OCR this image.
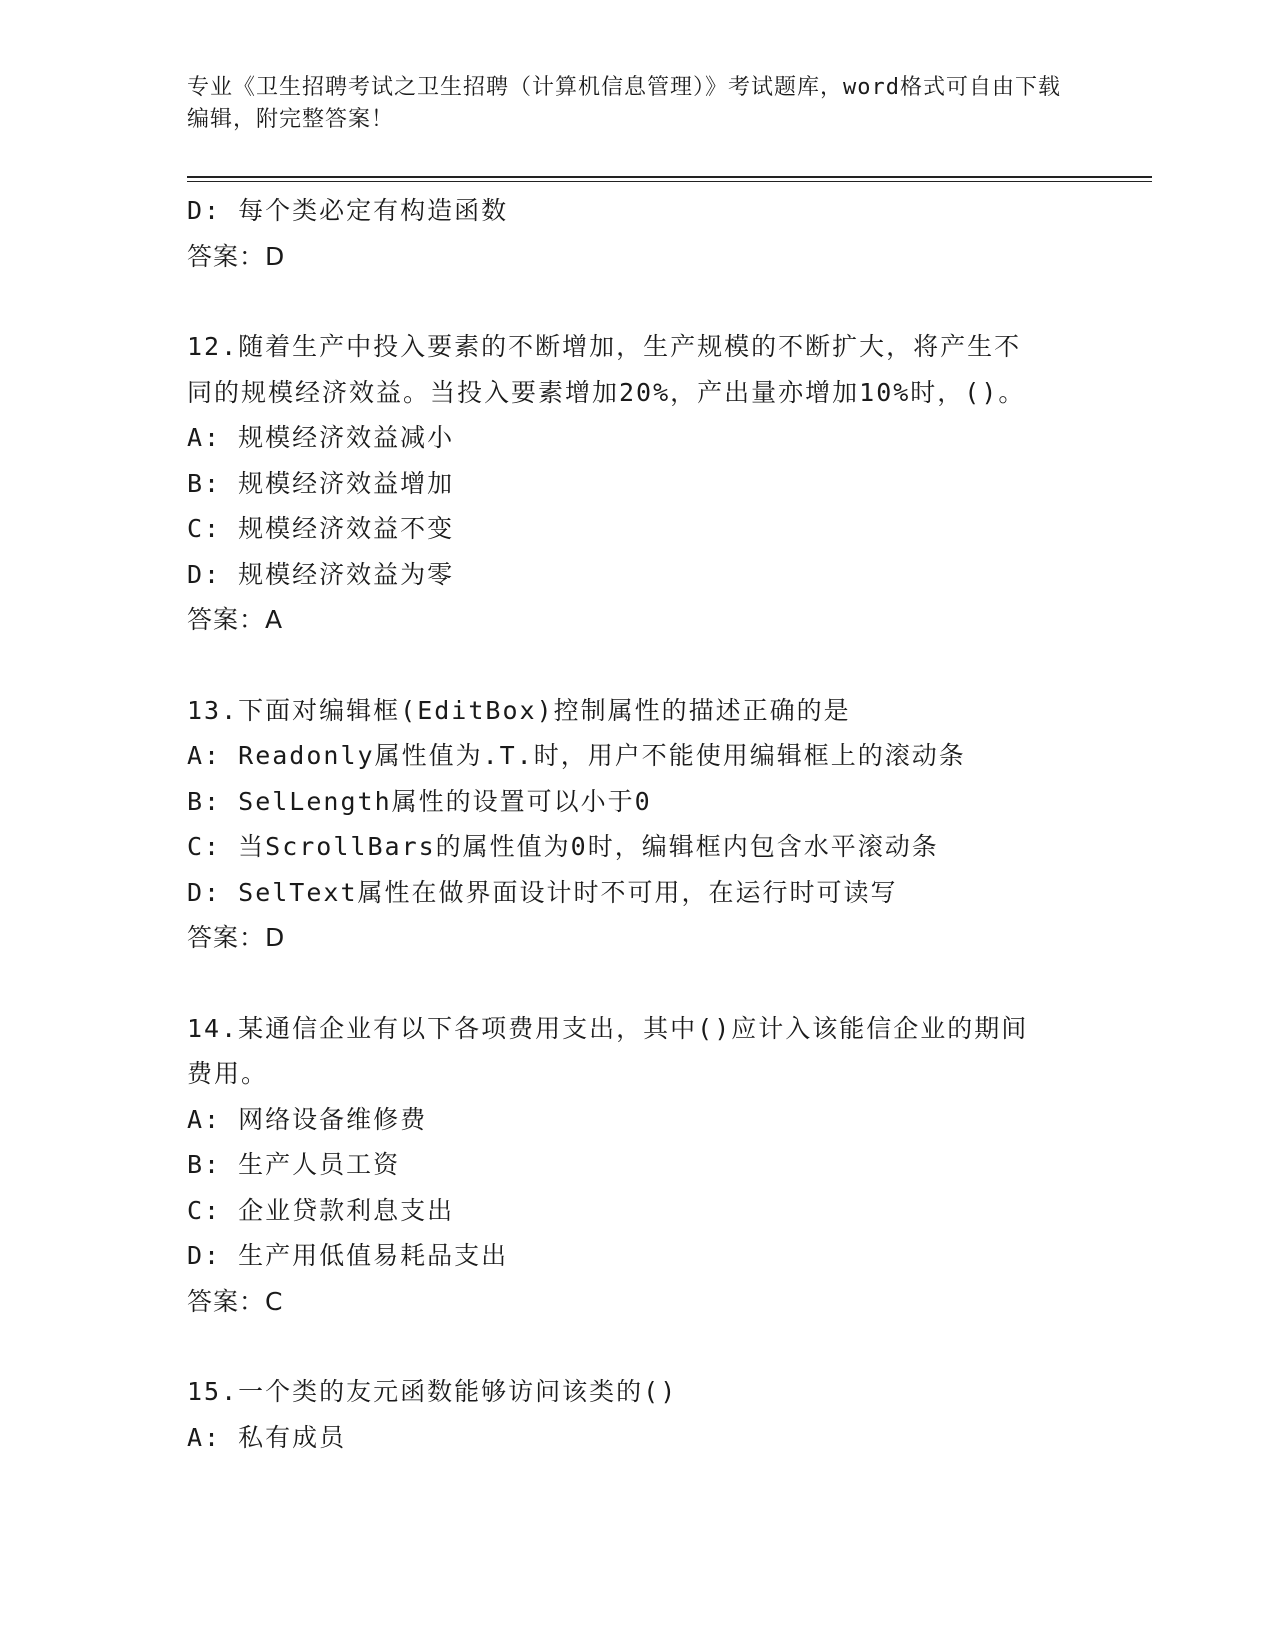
专业《卫生招聘考试之卫生招聘（计算机信息管理）》考试题库，word格式可自由下载编辑，附完整答案！
D: 每个类必定有构造函数
答案：D
12.随着生产中投入要素的不断增加，生产规模的不断扩大，将产生不
同的规模经济效益。当投入要素增加20%，产出量亦增加10%时，()。
A: 规模经济效益减小
B: 规模经济效益增加
C: 规模经济效益不变
D: 规模经济效益为零
答案：A
13.下面对编辑框(EditBox)控制属性的描述正确的是
A: Readonly属性值为.T.时，用户不能使用编辑框上的滚动条
B: SelLength属性的设置可以小于0
C: 当ScrollBars的属性值为0时，编辑框内包含水平滚动条
D: SelText属性在做界面设计时不可用，在运行时可读写
答案：D
14.某通信企业有以下各项费用支出，其中()应计入该能信企业的期间
费用。
A: 网络设备维修费
B: 生产人员工资
C: 企业贷款利息支出
D: 生产用低值易耗品支出
答案：C
15.一个类的友元函数能够访问该类的()
A: 私有成员
